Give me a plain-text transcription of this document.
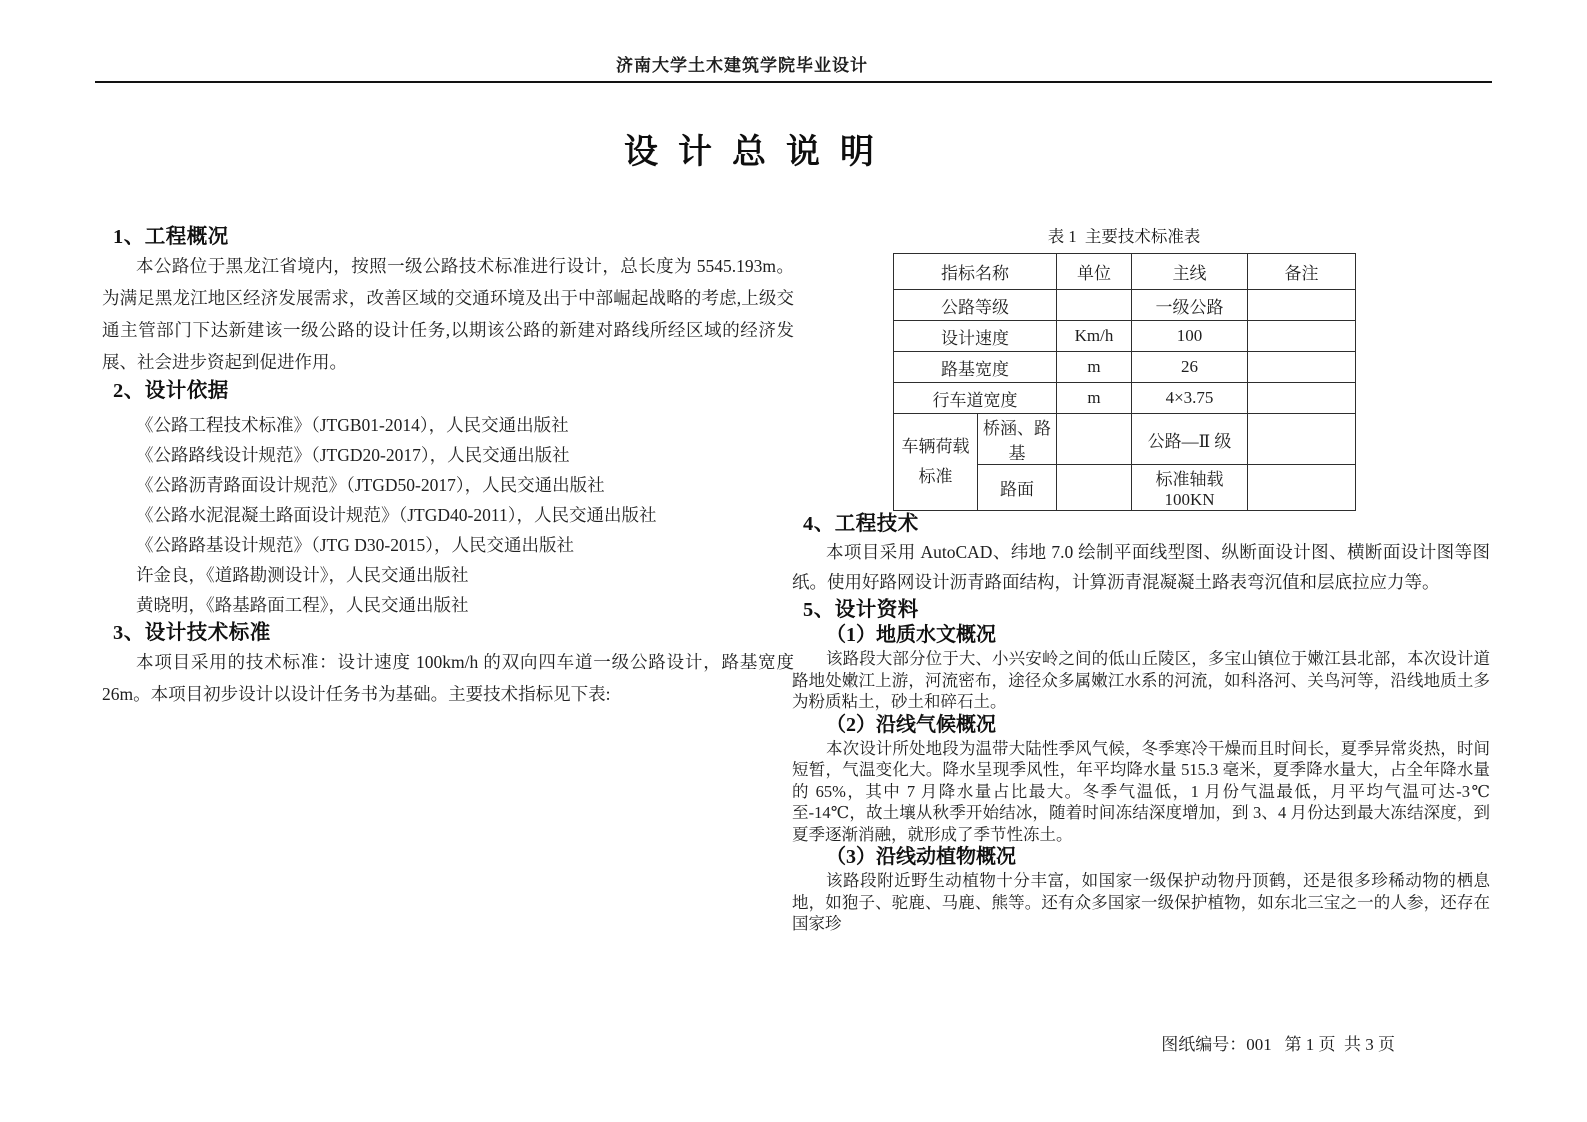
济南大学土木建筑学院毕业设计
设计总说明
1、工程概况

本公路位于黑龙江省境内，按照一级公路技术标准进行设计，总长度为 5545.193m。为满足黑龙江地区经济发展需求，改善区域的交通环境及出于中部崛起战略的考虑,上级交通主管部门下达新建该一级公路的设计任务,以期该公路的新建对路线所经区域的经济发展、社会进步资起到促进作用。

2、设计依据
《公路工程技术标准》（JTGB01-2014），人民交通出版社
《公路路线设计规范》（JTGD20-2017），人民交通出版社
《公路沥青路面设计规范》（JTGD50-2017），人民交通出版社
《公路水泥混凝土路面设计规范》（JTGD40-2011），人民交通出版社
《公路路基设计规范》（JTG D30-2015），人民交通出版社
许金良，《道路勘测设计》，人民交通出版社
黄晓明，《路基路面工程》，人民交通出版社
3、设计技术标准

本项目采用的技术标准：设计速度 100km/h 的双向四车道一级公路设计，路基宽度 26m。本项目初步设计以设计任务书为基础。主要技术指标见下表:

表 1  主要技术标准表
指标名称		单位	主线	备注
公路等级			一级公路	
设计速度		Km/h	100	
路基宽度		m	26	
行车道宽度		m	4×3.75	
车辆荷载标准	桥涵、路基		公路—Ⅱ 级	
	路面		标准轴载 100KN	
4、工程技术

本项目采用 AutoCAD、纬地 7.0 绘制平面线型图、纵断面设计图、横断面设计图等图纸。使用好路网设计沥青路面结构，计算沥青混凝凝土路表弯沉值和层底拉应力等。

5、设计资料
（1）地质水文概况

该路段大部分位于大、小兴安岭之间的低山丘陵区，多宝山镇位于嫩江县北部，本次设计道路地处嫩江上游，河流密布，途径众多属嫩江水系的河流，如科洛河、关鸟河等，沿线地质土多为粉质粘土，砂土和碎石土。

（2）沿线气候概况

本次设计所处地段为温带大陆性季风气候，冬季寒冷干燥而且时间长，夏季异常炎热，时间短暂，气温变化大。降水呈现季风性，年平均降水量 515.3 毫米，夏季降水量大，占全年降水量的 65%，其中 7 月降水量占比最大。冬季气温低，1 月份气温最低，月平均气温可达-3℃至-14℃，故土壤从秋季开始结冰，随着时间冻结深度增加，到 3、4 月份达到最大冻结深度，到夏季逐渐消融，就形成了季节性冻土。

（3）沿线动植物概况

该路段附近野生动植物十分丰富，如国家一级保护动物丹顶鹤，还是很多珍稀动物的栖息地，如狍子、驼鹿、马鹿、熊等。还有众多国家一级保护植物，如东北三宝之一的人参，还存在国家珍

图纸编号：001   第 1 页  共 3 页
